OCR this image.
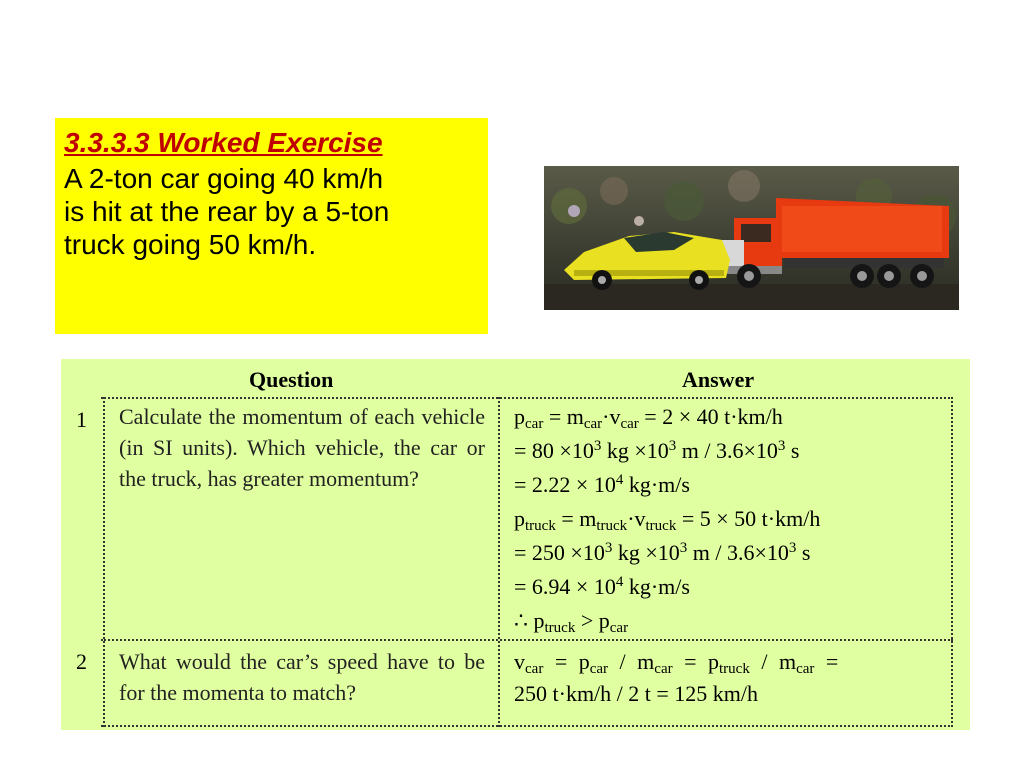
3.3.3.3 Worked Exercise
A 2-ton car going 40 km/h is hit at the rear by a 5-ton truck going 50 km/h.
Question	Answer
1 Calculate the momentum of each vehicle (in SI units). Which vehicle, the car or the truck, has greater momentum?
$p_{car} = m_{car}\cdot v_{car} = 2 \times 40$ t·km/h
= $80 \times 10^3$ kg $\times 10^3$ $m / 3.6\times 10^3$ s
= $2.22 \times 10^4$ kg·m/s
$p_{truck} = m_{truck}\cdot v_{truck} = 5 \times 50$ t·km/h
= $250 \times 10^3$ kg $\times 10^3$ $m / 3.6\times 10^3$ s
= $6.94 \times 10^4$ kg·m/s
∴ $p_{truck} > p_{car}$
2 What would the car’s speed have to be for the momenta to match?
$v_{car} = p_{car} / m_{car} = p_{truck} / m_{car}$ =
250 t·km/h / 2 t = 125 km/h
